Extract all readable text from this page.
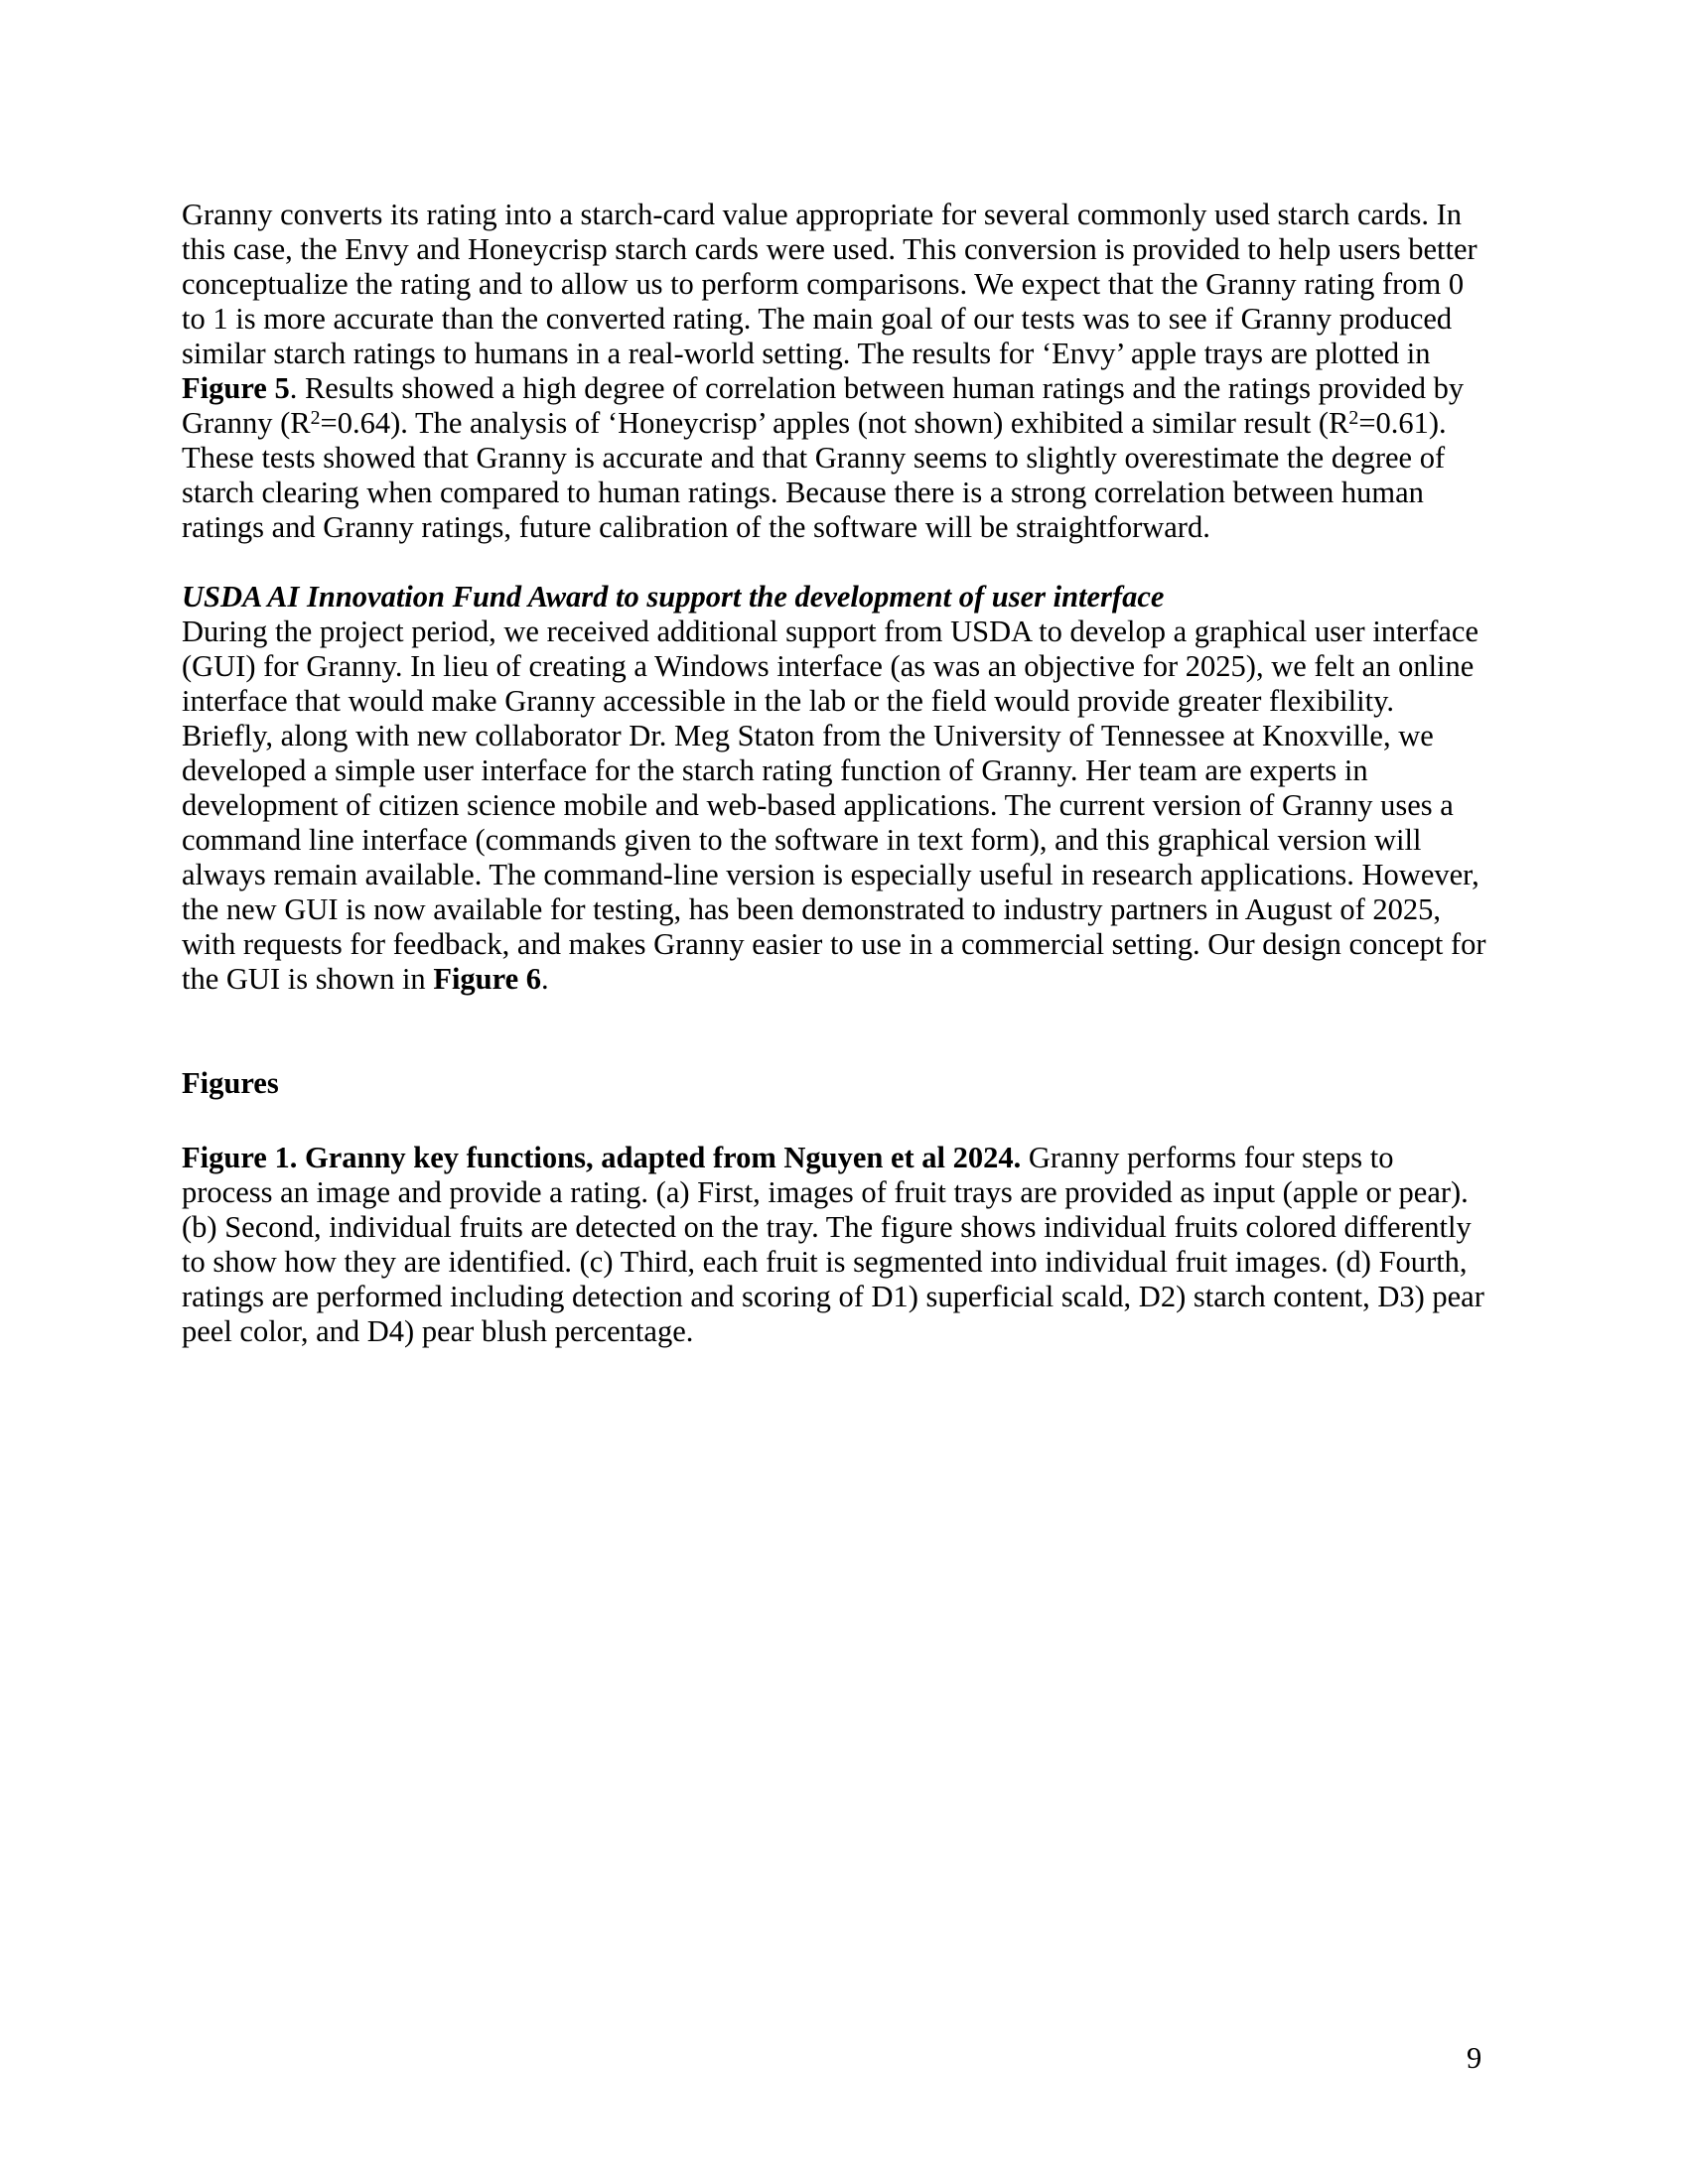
Granny converts its rating into a starch-card value appropriate for several commonly used starch cards. In this case, the Envy and Honeycrisp starch cards were used. This conversion is provided to help users better conceptualize the rating and to allow us to perform comparisons. We expect that the Granny rating from 0 to 1 is more accurate than the converted rating. The main goal of our tests was to see if Granny produced similar starch ratings to humans in a real-world setting. The results for ‘Envy’ apple trays are plotted in Figure 5. Results showed a high degree of correlation between human ratings and the ratings provided by Granny $(R^2=0.64)$. The analysis of ‘Honeycrisp’ apples (not shown) exhibited a similar result $(R^2=0.61)$. These tests showed that Granny is accurate and that Granny seems to slightly overestimate the degree of starch clearing when compared to human ratings. Because there is a strong correlation between human ratings and Granny ratings, future calibration of the software will be straightforward.

USDA AI Innovation Fund Award to support the development of user interface

During the project period, we received additional support from USDA to develop a graphical user interface (GUI) for Granny. In lieu of creating a Windows interface (as was an objective for 2025), we felt an online interface that would make Granny accessible in the lab or the field would provide greater flexibility. Briefly, along with new collaborator Dr. Meg Staton from the University of Tennessee at Knoxville, we developed a simple user interface for the starch rating function of Granny. Her team are experts in development of citizen science mobile and web-based applications. The current version of Granny uses a command line interface (commands given to the software in text form), and this graphical version will always remain available. The command-line version is especially useful in research applications. However, the new GUI is now available for testing, has been demonstrated to industry partners in August of 2025, with requests for feedback, and makes Granny easier to use in a commercial setting. Our design concept for the GUI is shown in Figure 6.

Figures

Figure 1. Granny key functions, adapted from Nguyen et al 2024. Granny performs four steps to process an image and provide a rating. (a) First, images of fruit trays are provided as input (apple or pear). (b) Second, individual fruits are detected on the tray. The figure shows individual fruits colored differently to show how they are identified. (c) Third, each fruit is segmented into individual fruit images. (d) Fourth, ratings are performed including detection and scoring of D1) superficial scald, D2) starch content, D3) pear peel color, and D4) pear blush percentage.

9
